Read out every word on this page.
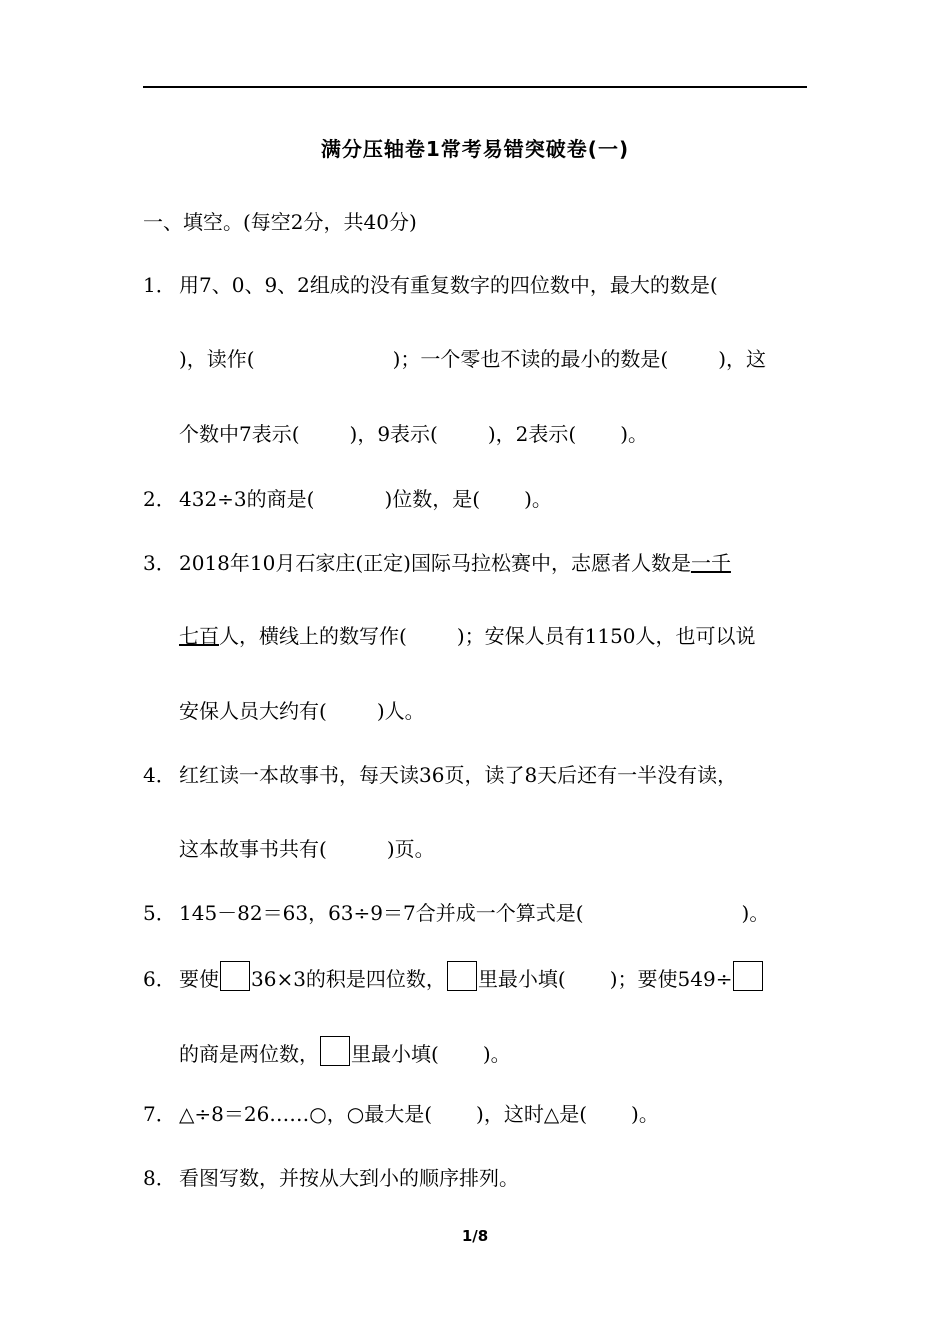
满分压轴卷1常考易错突破卷(一)
一、填空。(每空2分，共40分)
1． 用7、0、9、2组成的没有重复数字的四位数中，最大的数是(
)，读作(	)；一个零也不读的最小的数是(	)，这
个数中7表示(	)，9表示(	)，2表示( )。
2． 432÷3的商是(	)位数，是( )。
3． 2018年10月石家庄(正定)国际马拉松赛中，志愿者人数是一千
七百人，横线上的数写作(	)；安保人员有1150人，也可以说
安保人员大约有(	)人。
4． 红红读一本故事书，每天读36页，读了8天后还有一半没有读，
这本故事书共有(	)页。
5． 145－82＝63，63÷9＝7合并成一个算式是(	)。
6． 要使 36×3的积是四位数， 里最小填( )；要使549÷
的商是两位数， 里最小填( )。
7． △÷8＝26……○，○最大是( )，这时△是( )。
8． 看图写数，并按从大到小的顺序排列。
1/8
